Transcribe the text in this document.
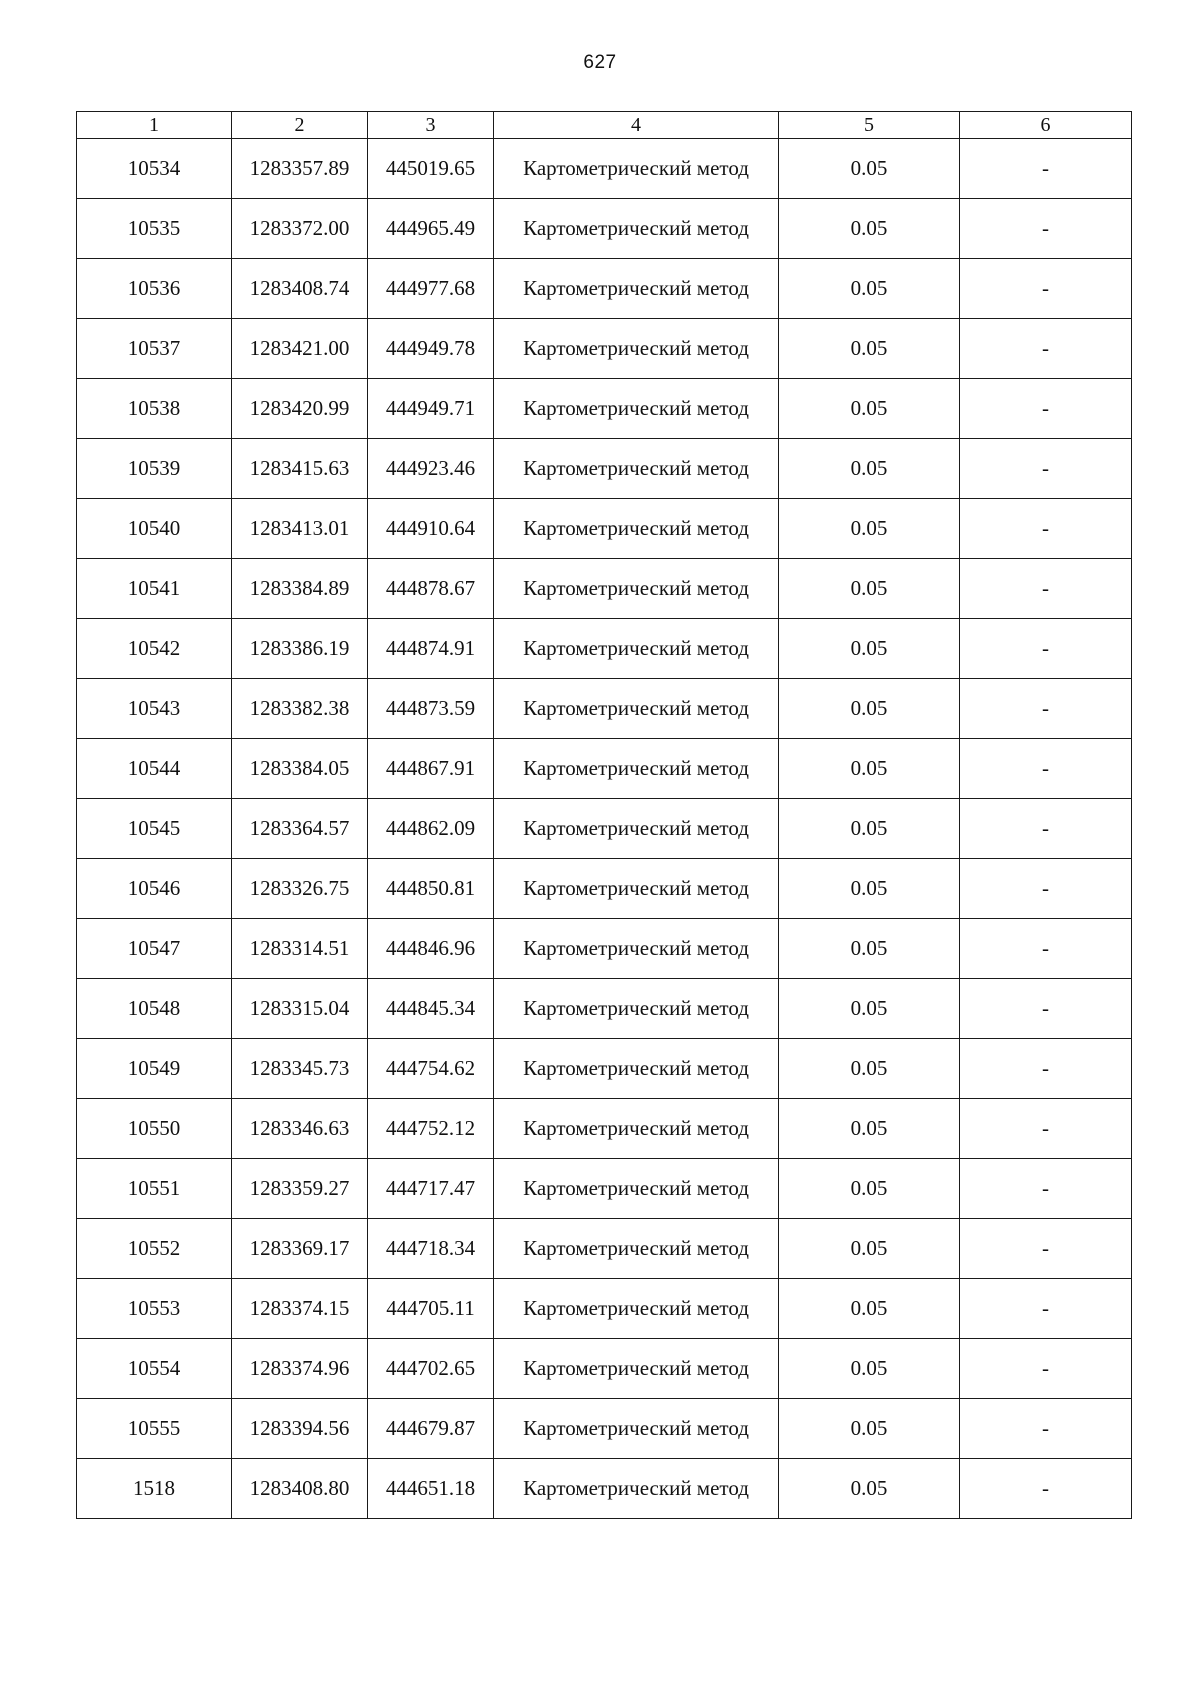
627
1	2	3	4	5	6
10534	1283357.89	445019.65	Картометрический метод	0.05	-
10535	1283372.00	444965.49	Картометрический метод	0.05	-
10536	1283408.74	444977.68	Картометрический метод	0.05	-
10537	1283421.00	444949.78	Картометрический метод	0.05	-
10538	1283420.99	444949.71	Картометрический метод	0.05	-
10539	1283415.63	444923.46	Картометрический метод	0.05	-
10540	1283413.01	444910.64	Картометрический метод	0.05	-
10541	1283384.89	444878.67	Картометрический метод	0.05	-
10542	1283386.19	444874.91	Картометрический метод	0.05	-
10543	1283382.38	444873.59	Картометрический метод	0.05	-
10544	1283384.05	444867.91	Картометрический метод	0.05	-
10545	1283364.57	444862.09	Картометрический метод	0.05	-
10546	1283326.75	444850.81	Картометрический метод	0.05	-
10547	1283314.51	444846.96	Картометрический метод	0.05	-
10548	1283315.04	444845.34	Картометрический метод	0.05	-
10549	1283345.73	444754.62	Картометрический метод	0.05	-
10550	1283346.63	444752.12	Картометрический метод	0.05	-
10551	1283359.27	444717.47	Картометрический метод	0.05	-
10552	1283369.17	444718.34	Картометрический метод	0.05	-
10553	1283374.15	444705.11	Картометрический метод	0.05	-
10554	1283374.96	444702.65	Картометрический метод	0.05	-
10555	1283394.56	444679.87	Картометрический метод	0.05	-
1518	1283408.80	444651.18	Картометрический метод	0.05	-
